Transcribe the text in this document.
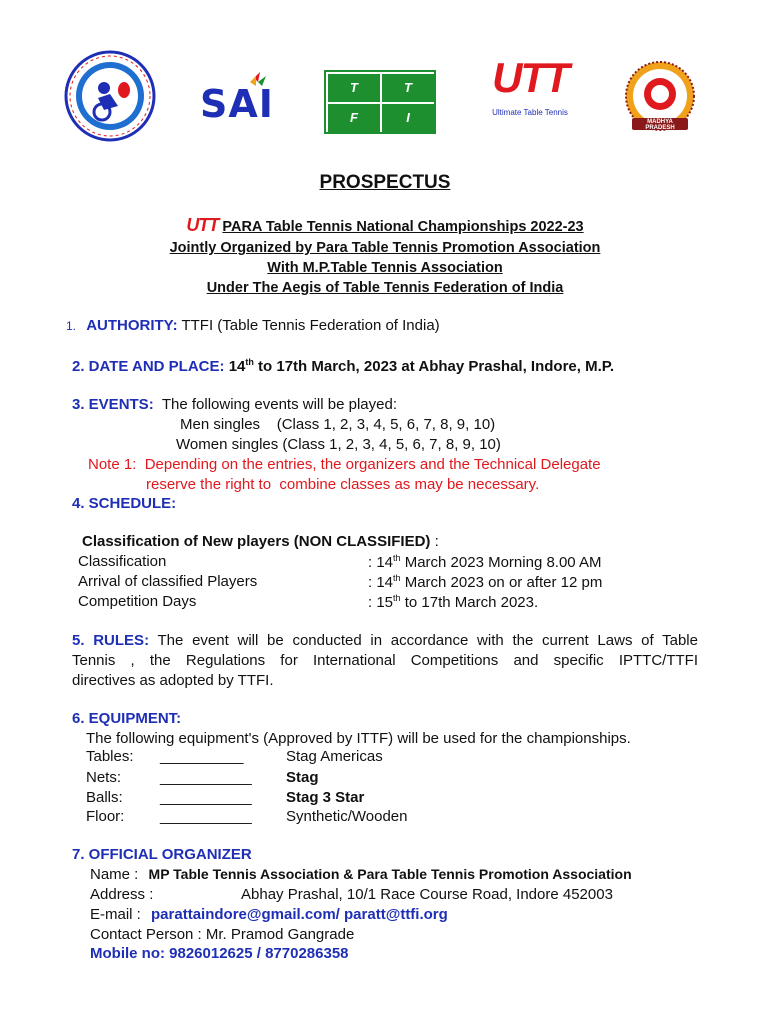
SAI	T	T
F	I
UTT
Ultimate Table Tennis
MADHYA PRADESH
PROSPECTUS
UTT PARA Table Tennis National Championships 2022-23
Jointly Organized by Para Table Tennis Promotion Association
With M.P.Table Tennis Association
Under The Aegis of Table Tennis Federation of India
1. AUTHORITY: TTFI (Table Tennis Federation of India)
2. DATE AND PLACE: 14th to 17th March, 2023 at Abhay Prashal, Indore, M.P.
3. EVENTS: The following events will be played:
Men singles    (Class 1, 2, 3, 4, 5, 6, 7, 8, 9, 10)
Women singles (Class 1, 2, 3, 4, 5, 6, 7, 8, 9, 10)
Note 1:  Depending on the entries, the organizers and the Technical Delegate
reserve the right to  combine classes as may be necessary.
4. SCHEDULE:
Classification of New players (NON CLASSIFIED) :
Classification	: 14th March 2023 Morning 8.00 AM
Arrival of classified Players	: 14th March 2023 on or after 12 pm
Competition Days	: 15th to 17th March 2023.
5. RULES: The event will be conducted in accordance with the current Laws of Table
Tennis , the Regulations for International Competitions and specific IPTTC/TTFI
directives as adopted by TTFI.
6. EQUIPMENT:
The following equipment's (Approved by ITTF) will be used for the championships.
Tables: __________	Stag Americas
Nets:	___________ Stag
Balls: ___________ Stag 3 Star
Floor: ___________ Synthetic/Wooden
7. OFFICIAL ORGANIZER
Name : MP Table Tennis Association & Para Table Tennis Promotion Association
Address :	Abhay Prashal, 10/1 Race Course Road, Indore 452003
E-mail : parattaindore@gmail.com/ paratt@ttfi.org
Contact Person : Mr. Pramod Gangrade
Mobile no: 9826012625 / 8770286358
